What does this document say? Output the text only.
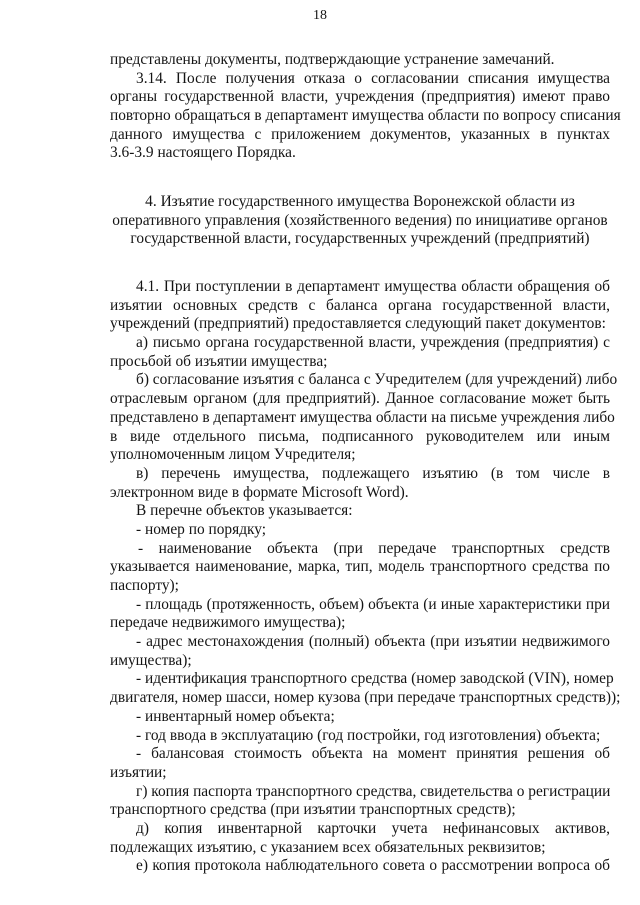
18
представлены документы, подтверждающие устранение замечаний.
3.14. После получения отказа о согласовании списания имущества
органы государственной власти, учреждения (предприятия) имеют право
повторно обращаться в департамент имущества области по вопросу списания
данного имущества с приложением документов, указанных в пунктах
3.6-3.9 настоящего Порядка.
4. Изъятие государственного имущества Воронежской области из
оперативного управления (хозяйственного ведения) по инициативе органов
государственной власти, государственных учреждений (предприятий)
4.1. При поступлении в департамент имущества области обращения об
изъятии основных средств с баланса органа государственной власти,
учреждений (предприятий) предоставляется следующий пакет документов:
а) письмо органа государственной власти, учреждения (предприятия) с
просьбой об изъятии имущества;
б) согласование изъятия с баланса с Учредителем (для учреждений) либо
отраслевым органом (для предприятий). Данное согласование может быть
представлено в департамент имущества области на письме учреждения либо
в виде отдельного письма, подписанного руководителем или иным
уполномоченным лицом Учредителя;
в) перечень имущества, подлежащего изъятию (в том числе в
электронном виде в формате Microsoft Word).
В перечне объектов указывается:
- номер по порядку;
- наименование объекта (при передаче транспортных средств
указывается наименование, марка, тип, модель транспортного средства по
паспорту);
- площадь (протяженность, объем) объекта (и иные характеристики при
передаче недвижимого имущества);
- адрес местонахождения (полный) объекта (при изъятии недвижимого
имущества);
- идентификация транспортного средства (номер заводской (VIN), номер
двигателя, номер шасси, номер кузова (при передаче транспортных средств));
- инвентарный номер объекта;
- год ввода в эксплуатацию (год постройки, год изготовления) объекта;
- балансовая стоимость объекта на момент принятия решения об
изъятии;
г) копия паспорта транспортного средства, свидетельства о регистрации
транспортного средства (при изъятии транспортных средств);
д) копия инвентарной карточки учета нефинансовых активов,
подлежащих изъятию, с указанием всех обязательных реквизитов;
е) копия протокола наблюдательного совета о рассмотрении вопроса об
